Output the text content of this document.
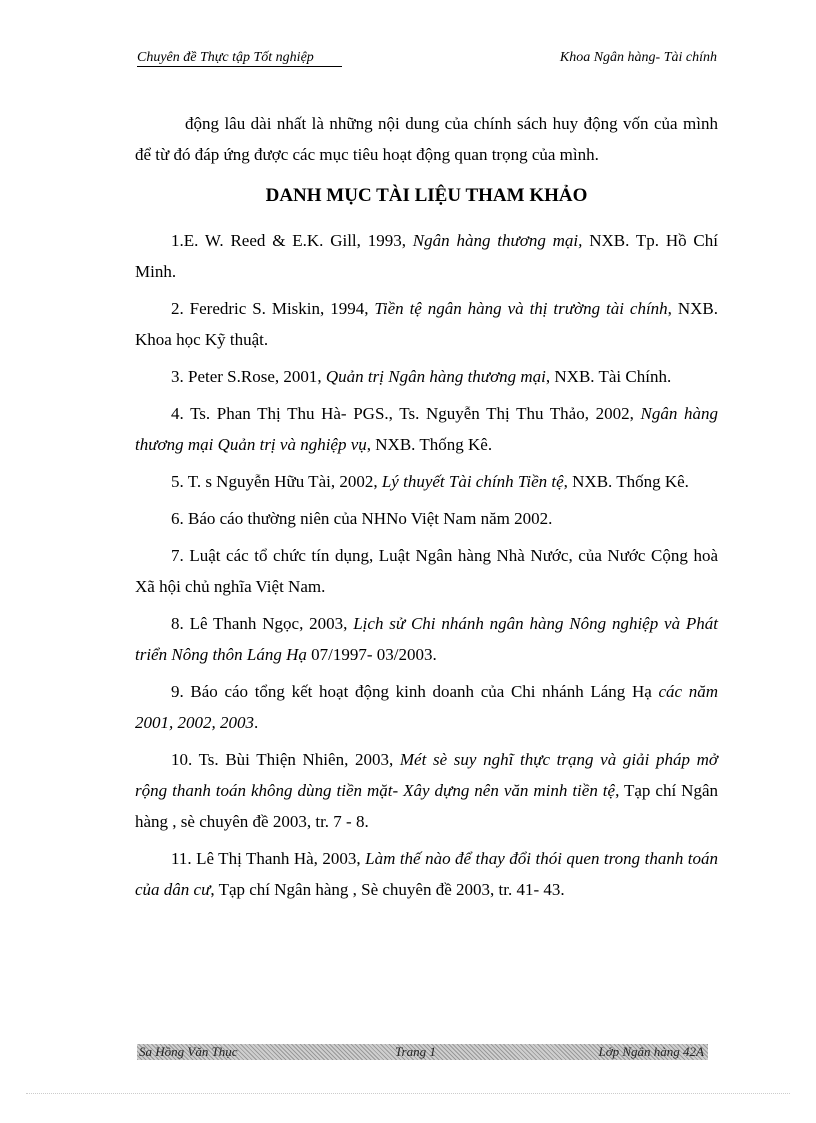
Chuyên đề Thực tập Tốt nghiệp	Khoa Ngân hàng- Tài chính

động lâu dài nhất là những nội dung của chính sách huy động vốn của mình để từ đó đáp ứng được các mục tiêu hoạt động quan trọng của mình.

DANH MỤC TÀI LIỆU THAM KHẢO

1.E. W. Reed & E.K. Gill, 1993, Ngân hàng thương mại, NXB. Tp. Hồ Chí Minh.

2. Feredric S. Miskin, 1994, Tiền tệ ngân hàng và thị trường tài chính, NXB. Khoa học Kỹ thuật.

3. Peter S.Rose, 2001, Quản trị Ngân hàng thương mại, NXB. Tài Chính.

4. Ts. Phan Thị Thu Hà- PGS., Ts. Nguyễn Thị Thu Thảo, 2002, Ngân hàng thương mại Quản trị và nghiệp vụ, NXB. Thống Kê.

5. T. s Nguyễn Hữu Tài, 2002, Lý thuyết Tài chính Tiền tệ, NXB. Thống Kê.

6. Báo cáo thường niên của NHNo Việt Nam năm 2002.

7. Luật các tổ chức tín dụng, Luật Ngân hàng Nhà Nước, của Nước Cộng hoà Xã hội chủ nghĩa Việt Nam.

8. Lê Thanh Ngọc, 2003, Lịch sử Chi nhánh ngân hàng Nông nghiệp và Phát triển Nông thôn Láng Hạ 07/1997- 03/2003.

9. Báo cáo tổng kết hoạt động kinh doanh của Chi nhánh Láng Hạ các năm 2001, 2002, 2003.

10. Ts. Bùi Thiện Nhiên, 2003, Mét sè suy nghĩ thực trạng và giải pháp mở rộng thanh toán không dùng tiền mặt- Xây dựng nên văn minh tiền tệ, Tạp chí Ngân hàng , sè chuyên đề 2003, tr. 7 - 8.

11. Lê Thị Thanh Hà, 2003, Làm thế nào để thay đổi thói quen trong thanh toán của dân cư, Tạp chí Ngân hàng , Sè chuyên đề 2003, tr. 41- 43.

Sa Hồng Văn Thục	Trang 1	Lớp Ngân hàng 42A
